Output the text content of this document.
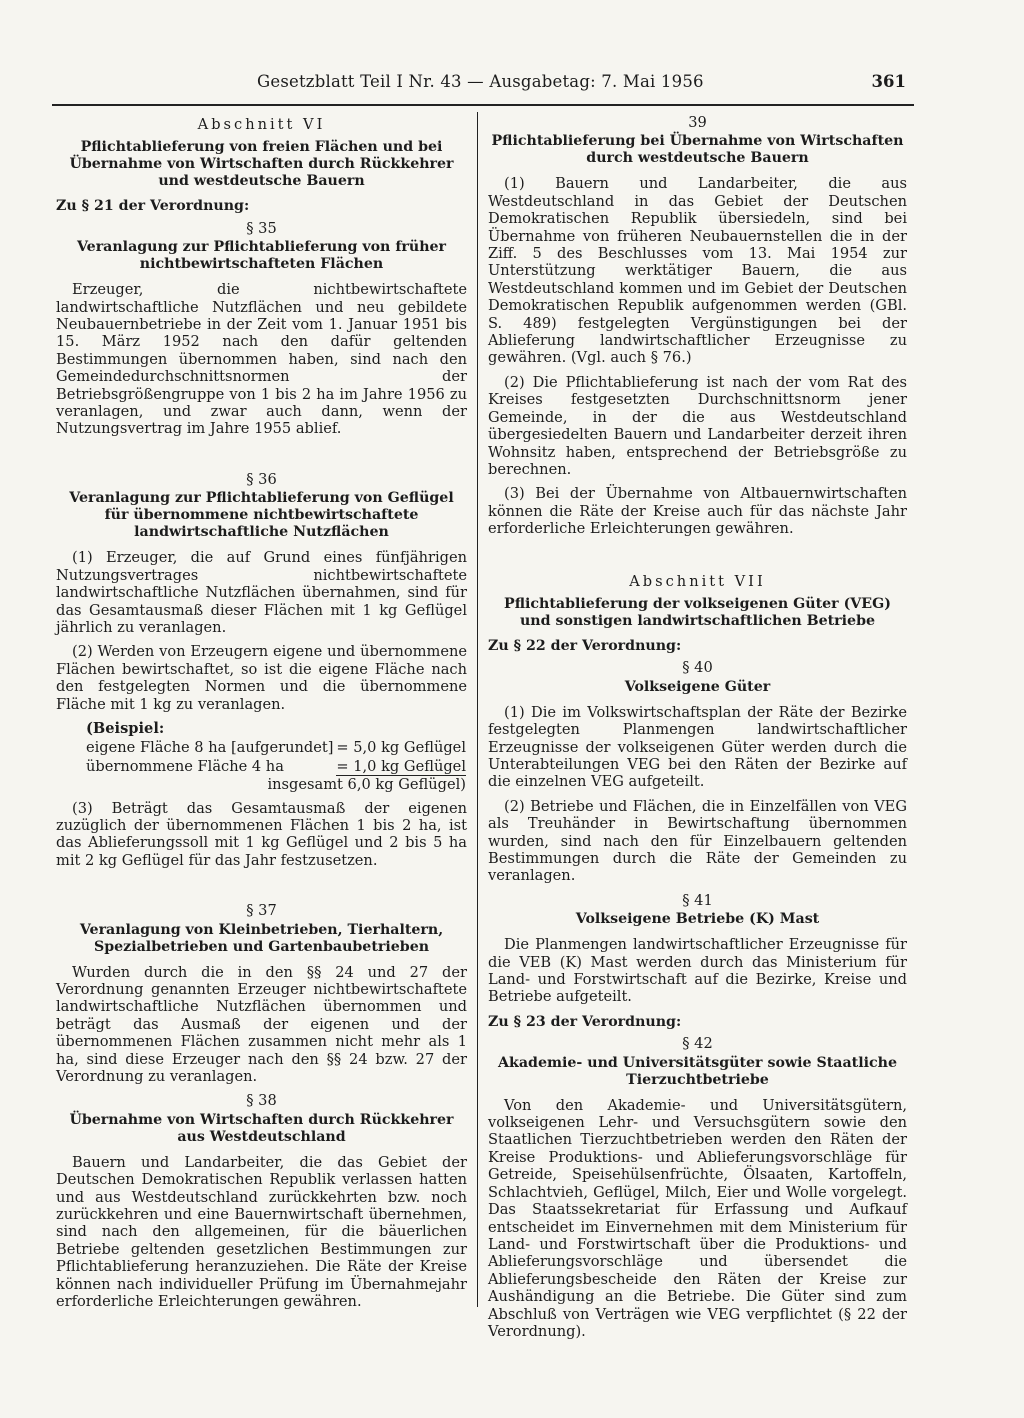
Gesetzblatt Teil I Nr. 43 — Ausgabetag: 7. Mai 1956	361
Abschnitt VI
Pflichtablieferung von freien Flächen und bei Übernahme von Wirtschaften durch Rückkehrer und westdeutsche Bauern
Zu § 21 der Verordnung:
§ 35
Veranlagung zur Pflichtablieferung von früher nichtbewirtschafteten Flächen

Erzeuger, die nichtbewirtschaftete landwirtschaftliche Nutzflächen und neu gebildete Neubauernbetriebe in der Zeit vom 1. Januar 1951 bis 15. März 1952 nach den dafür geltenden Bestimmungen übernommen haben, sind nach den Gemeindedurchschnittsnormen der Betriebsgrößengruppe von 1 bis 2 ha im Jahre 1956 zu veranlagen, und zwar auch dann, wenn der Nutzungsvertrag im Jahre 1955 ablief.

§ 36
Veranlagung zur Pflichtablieferung von Geflügel für übernommene nichtbewirtschaftete landwirtschaftliche Nutzflächen

(1) Erzeuger, die auf Grund eines fünfjährigen Nutzungsvertrages nichtbewirtschaftete landwirtschaftliche Nutzflächen übernahmen, sind für das Gesamtausmaß dieser Flächen mit 1 kg Geflügel jährlich zu veranlagen.

(2) Werden von Erzeugern eigene und übernommene Flächen bewirtschaftet, so ist die eigene Fläche nach den festgelegten Normen und die übernommene Fläche mit 1 kg zu veranlagen.

(Beispiel:
eigene Fläche 8 ha [aufgerundet] = 5,0 kg Geflügel
übernommene Fläche 4 ha	= 1,0 kg Geflügel
insgesamt 6,0 kg Geflügel)

(3) Beträgt das Gesamtausmaß der eigenen zuzüglich der übernommenen Flächen 1 bis 2 ha, ist das Ablieferungssoll mit 1 kg Geflügel und 2 bis 5 ha mit 2 kg Geflügel für das Jahr festzusetzen.

§ 37
Veranlagung von Kleinbetrieben, Tierhaltern, Spezialbetrieben und Gartenbaubetrieben

Wurden durch die in den §§ 24 und 27 der Verordnung genannten Erzeuger nichtbewirtschaftete landwirtschaftliche Nutzflächen übernommen und beträgt das Ausmaß der eigenen und der übernommenen Flächen zusammen nicht mehr als 1 ha, sind diese Erzeuger nach den §§ 24 bzw. 27 der Verordnung zu veranlagen.

§ 38
Übernahme von Wirtschaften durch Rückkehrer aus Westdeutschland

Bauern und Landarbeiter, die das Gebiet der Deutschen Demokratischen Republik verlassen hatten und aus Westdeutschland zurückkehrten bzw. noch zurückkehren und eine Bauernwirtschaft übernehmen, sind nach den allgemeinen, für die bäuerlichen Betriebe geltenden gesetzlichen Bestimmungen zur Pflichtablieferung heranzuziehen. Die Räte der Kreise können nach individueller Prüfung im Übernahmejahr erforderliche Erleichterungen gewähren.

39
Pflichtablieferung bei Übernahme von Wirtschaften durch westdeutsche Bauern

(1) Bauern und Landarbeiter, die aus Westdeutschland in das Gebiet der Deutschen Demokratischen Republik übersiedeln, sind bei Übernahme von früheren Neubauernstellen die in der Ziff. 5 des Beschlusses vom 13. Mai 1954 zur Unterstützung werktätiger Bauern, die aus Westdeutschland kommen und im Gebiet der Deutschen Demokratischen Republik aufgenommen werden (GBl. S. 489) festgelegten Vergünstigungen bei der Ablieferung landwirtschaftlicher Erzeugnisse zu gewähren. (Vgl. auch § 76.)

(2) Die Pflichtablieferung ist nach der vom Rat des Kreises festgesetzten Durchschnittsnorm jener Gemeinde, in der die aus Westdeutschland übergesiedelten Bauern und Landarbeiter derzeit ihren Wohnsitz haben, entsprechend der Betriebsgröße zu berechnen.

(3) Bei der Übernahme von Altbauernwirtschaften können die Räte der Kreise auch für das nächste Jahr erforderliche Erleichterungen gewähren.

Abschnitt VII
Pflichtablieferung der volkseigenen Güter (VEG) und sonstigen landwirtschaftlichen Betriebe
Zu § 22 der Verordnung:
§ 40
Volkseigene Güter

(1) Die im Volkswirtschaftsplan der Räte der Bezirke festgelegten Planmengen landwirtschaftlicher Erzeugnisse der volkseigenen Güter werden durch die Unterabteilungen VEG bei den Räten der Bezirke auf die einzelnen VEG aufgeteilt.

(2) Betriebe und Flächen, die in Einzelfällen von VEG als Treuhänder in Bewirtschaftung übernommen wurden, sind nach den für Einzelbauern geltenden Bestimmungen durch die Räte der Gemeinden zu veranlagen.

§ 41
Volkseigene Betriebe (K) Mast

Die Planmengen landwirtschaftlicher Erzeugnisse für die VEB (K) Mast werden durch das Ministerium für Land- und Forstwirtschaft auf die Bezirke, Kreise und Betriebe aufgeteilt.

Zu § 23 der Verordnung:
§ 42
Akademie- und Universitätsgüter sowie Staatliche Tierzuchtbetriebe

Von den Akademie- und Universitätsgütern, volkseigenen Lehr- und Versuchsgütern sowie den Staatlichen Tierzuchtbetrieben werden den Räten der Kreise Produktions- und Ablieferungsvorschläge für Getreide, Speisehülsenfrüchte, Ölsaaten, Kartoffeln, Schlachtvieh, Geflügel, Milch, Eier und Wolle vorgelegt. Das Staatssekretariat für Erfassung und Aufkauf entscheidet im Einvernehmen mit dem Ministerium für Land- und Forstwirtschaft über die Produktions- und Ablieferungsvorschläge und übersendet die Ablieferungsbescheide den Räten der Kreise zur Aushändigung an die Betriebe. Die Güter sind zum Abschluß von Verträgen wie VEG verpflichtet (§ 22 der Verordnung).
